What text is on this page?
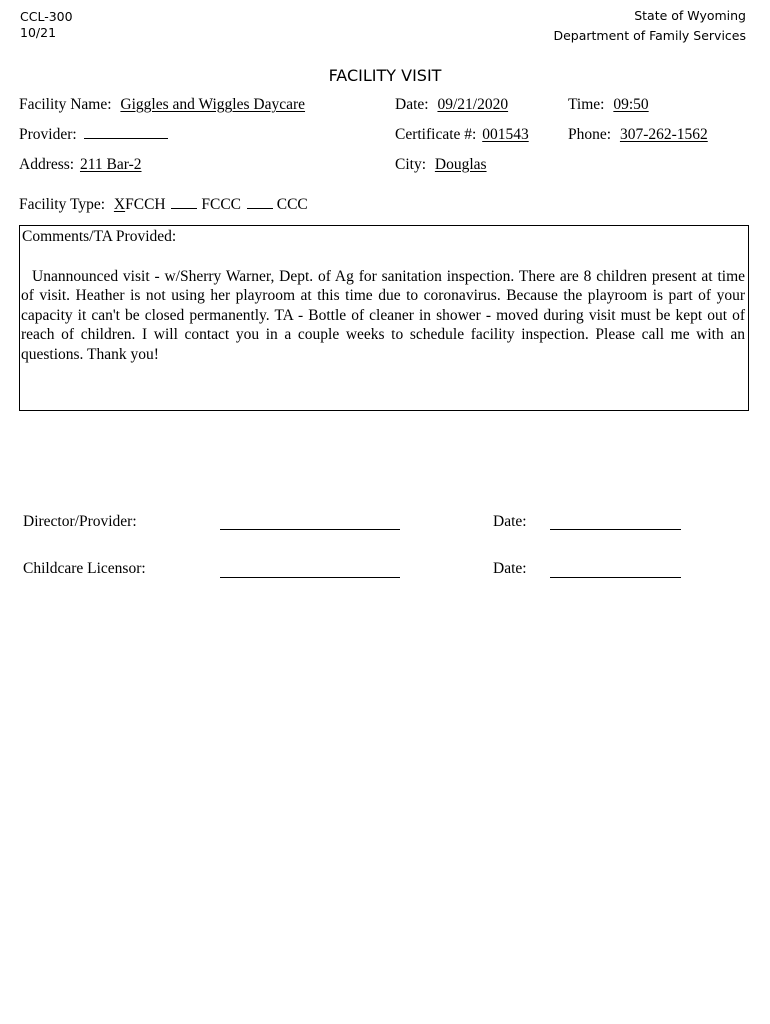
CCL-300
10/21
State of Wyoming
Department of Family Services
FACILITY VISIT
Facility Name: Giggles and Wiggles Daycare	Date: 09/21/2020	Time: 09:50
Provider:	Certificate #: 001543	Phone: 307-262-1562
Address: 211 Bar-2	City: Douglas
Facility Type: XFCCH FCCC CCC
Comments/TA Provided:
Unannounced visit - w/Sherry Warner, Dept. of Ag for sanitation inspection. There are 8 children present at time of visit. Heather is not using her playroom at this time due to coronavirus. Because the playroom is part of your capacity it can't be closed permanently. TA - Bottle of cleaner in shower - moved during visit must be kept out of reach of children. I will contact you in a couple weeks to schedule facility inspection. Please call me with an questions. Thank you!
Director/Provider:	Date:
Childcare Licensor:	Date:
